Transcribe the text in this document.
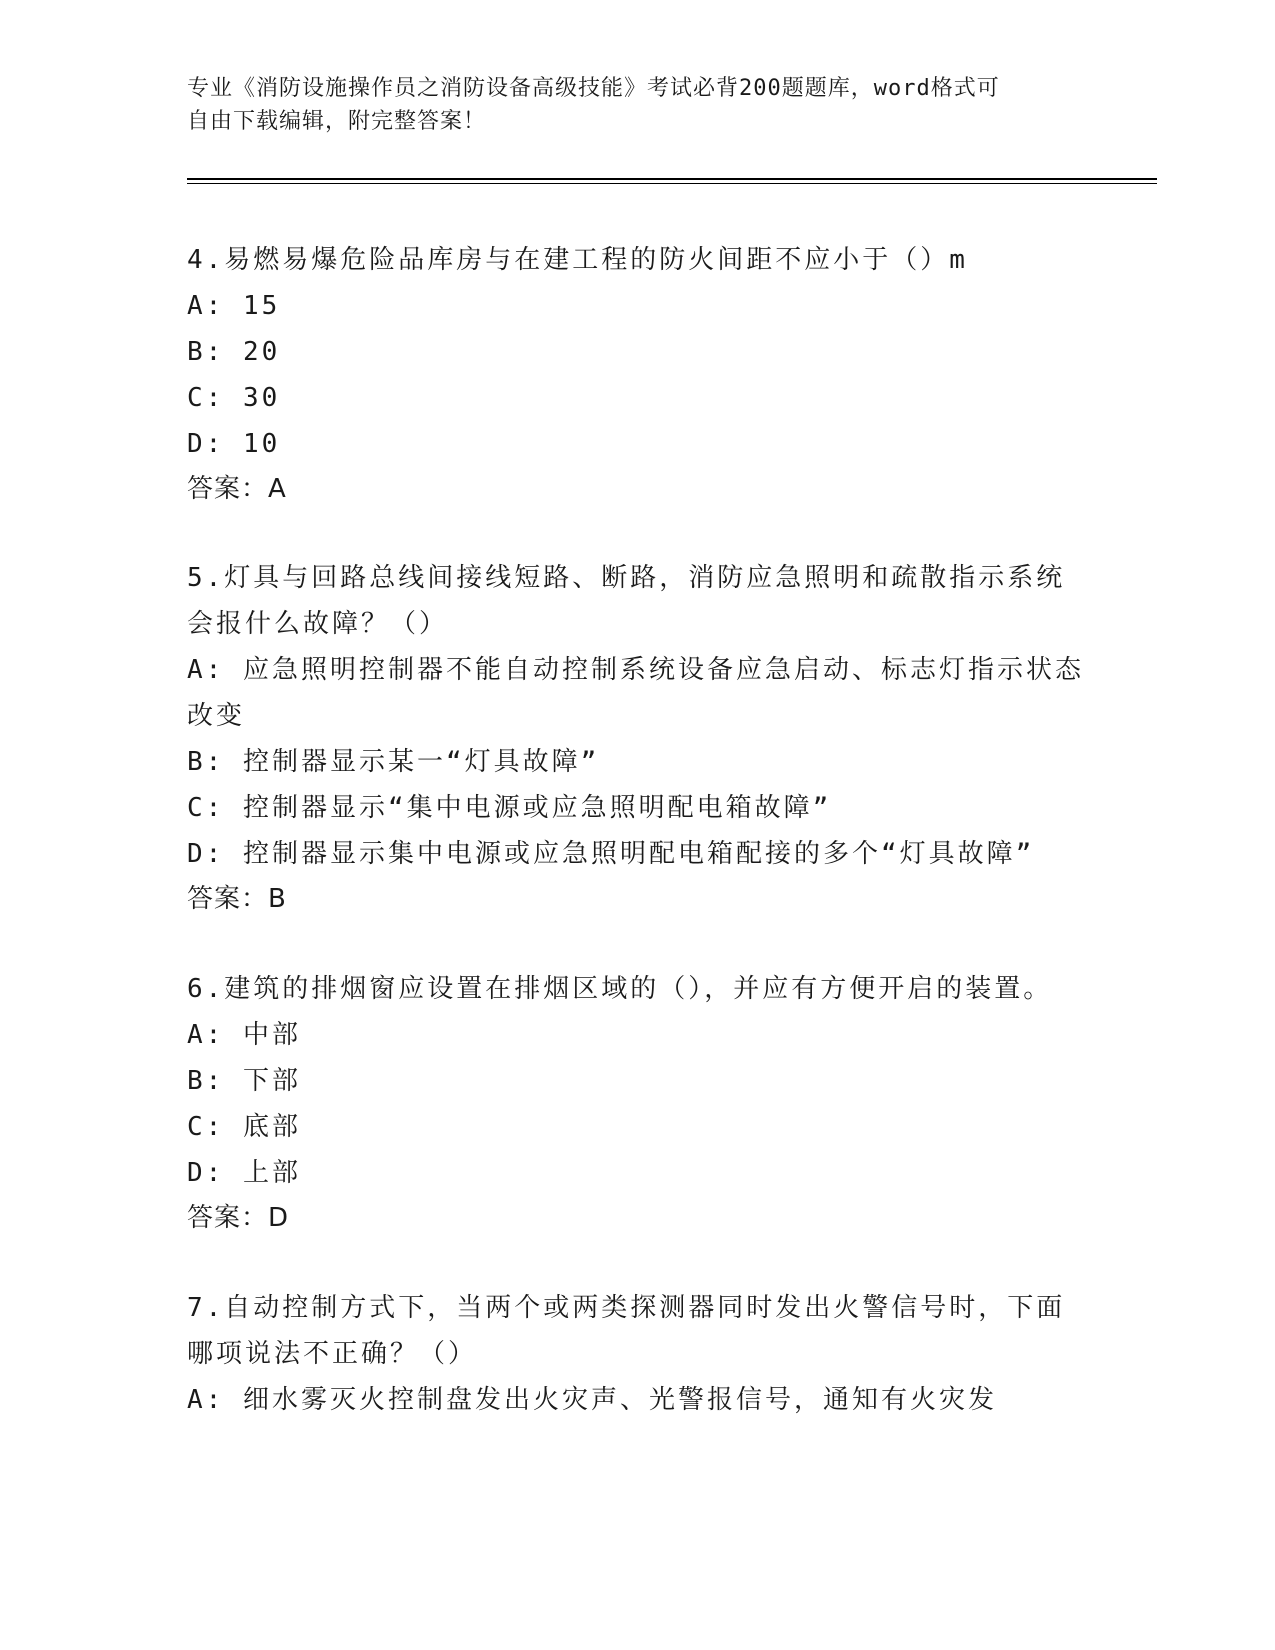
专业《消防设施操作员之消防设备高级技能》考试必背200题题库，word格式可
自由下载编辑，附完整答案！
4.易燃易爆危险品库房与在建工程的防火间距不应小于（）m
A: 15
B: 20
C: 30
D: 10
答案：A
5.灯具与回路总线间接线短路、断路，消防应急照明和疏散指示系统
会报什么故障？（）
A: 应急照明控制器不能自动控制系统设备应急启动、标志灯指示状态
改变
B: 控制器显示某一“灯具故障”
C: 控制器显示“集中电源或应急照明配电箱故障”
D: 控制器显示集中电源或应急照明配电箱配接的多个“灯具故障”
答案：B
6.建筑的排烟窗应设置在排烟区域的（），并应有方便开启的装置。
A: 中部
B: 下部
C: 底部
D: 上部
答案：D
7.自动控制方式下，当两个或两类探测器同时发出火警信号时，下面
哪项说法不正确？（）
A: 细水雾灭火控制盘发出火灾声、光警报信号，通知有火灾发
